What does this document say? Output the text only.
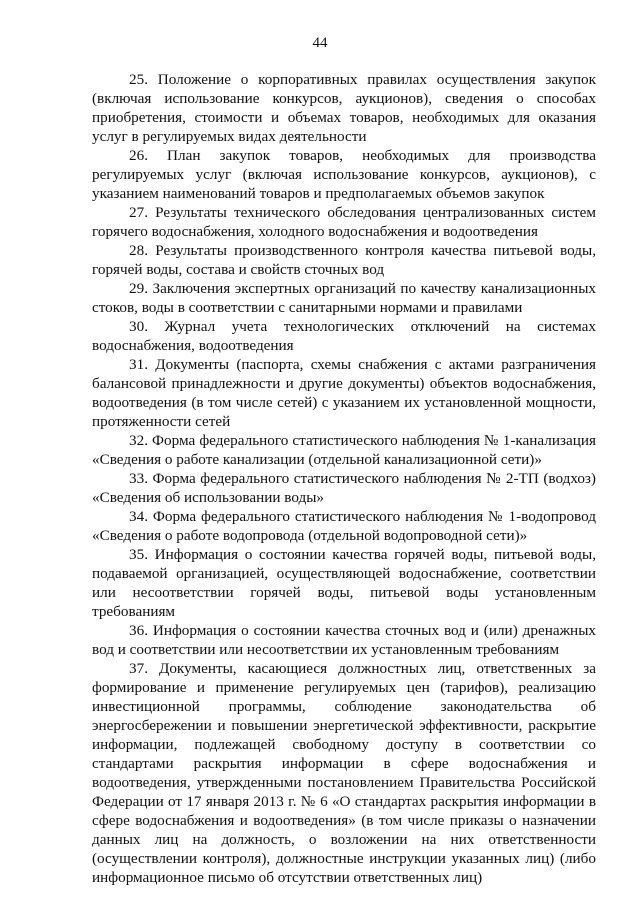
44

25. Положение о корпоративных правилах осуществления закупок (включая использование конкурсов, аукционов), сведения о способах приобретения, стоимости и объемах товаров, необходимых для оказания услуг в регулируемых видах деятельности

26. План закупок товаров, необходимых для производства регулируемых услуг (включая использование конкурсов, аукционов), с указанием наименований товаров и предполагаемых объемов закупок

27. Результаты технического обследования централизованных систем горячего водоснабжения, холодного водоснабжения и водоотведения

28. Результаты производственного контроля качества питьевой воды, горячей воды, состава и свойств сточных вод

29. Заключения экспертных организаций по качеству канализационных стоков, воды в соответствии с санитарными нормами и правилами

30. Журнал учета технологических отключений на системах водоснабжения, водоотведения

31. Документы (паспорта, схемы снабжения с актами разграничения балансовой принадлежности и другие документы) объектов водоснабжения, водоотведения (в том числе сетей) с указанием их установленной мощности, протяженности сетей

32. Форма федерального статистического наблюдения № 1-канализация «Сведения о работе канализации (отдельной канализационной сети)»

33. Форма федерального статистического наблюдения № 2-ТП (водхоз) «Сведения об использовании воды»

34. Форма федерального статистического наблюдения № 1-водопровод «Сведения о работе водопровода (отдельной водопроводной сети)»

35. Информация о состоянии качества горячей воды, питьевой воды, подаваемой организацией, осуществляющей водоснабжение, соответствии или несоответствии горячей воды, питьевой воды установленным требованиям

36. Информация о состоянии качества сточных вод и (или) дренажных вод и соответствии или несоответствии их установленным требованиям

37. Документы, касающиеся должностных лиц, ответственных за формирование и применение регулируемых цен (тарифов), реализацию инвестиционной программы, соблюдение законодательства об энергосбережении и повышении энергетической эффективности, раскрытие информации, подлежащей свободному доступу в соответствии со стандартами раскрытия информации в сфере водоснабжения и водоотведения, утвержденными постановлением Правительства Российской Федерации от 17 января 2013 г. № 6 «О стандартах раскрытия информации в сфере водоснабжения и водоотведения» (в том числе приказы о назначении данных лиц на должность, о возложении на них ответственности (осуществлении контроля), должностные инструкции указанных лиц) (либо информационное письмо об отсутствии ответственных лиц)
